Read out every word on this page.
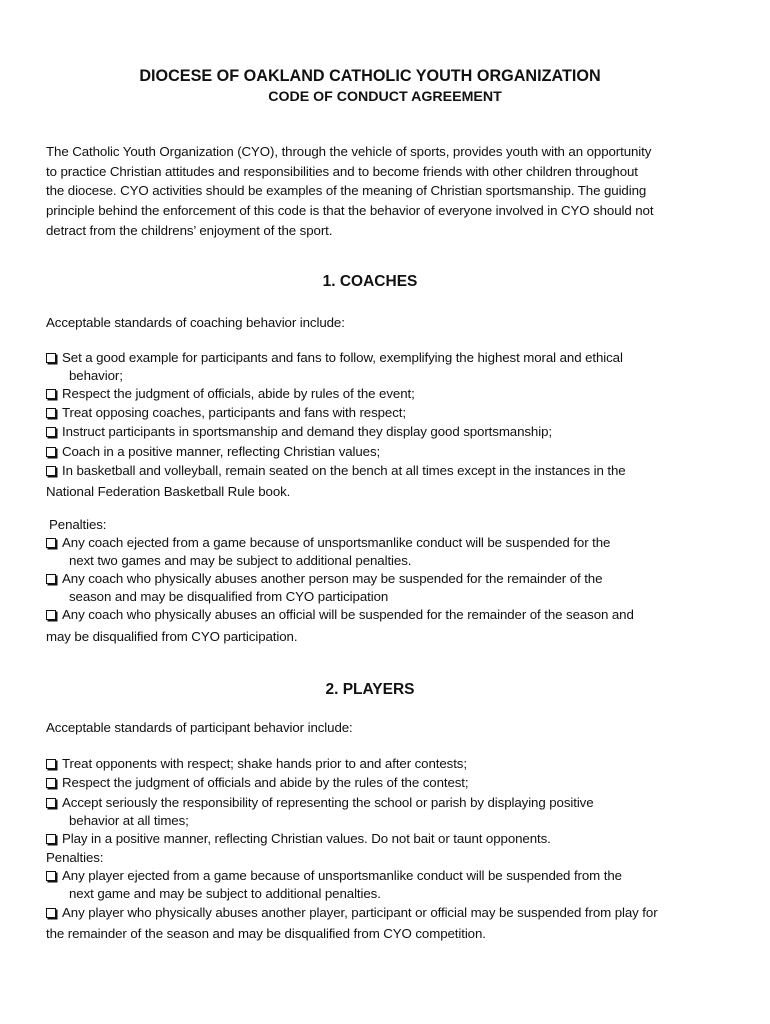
DIOCESE OF OAKLAND CATHOLIC YOUTH ORGANIZATION
CODE OF CONDUCT AGREEMENT
The Catholic Youth Organization (CYO), through the vehicle of sports, provides youth with an opportunity
to practice Christian attitudes and responsibilities and to become friends with other children throughout
the diocese. CYO activities should be examples of the meaning of Christian sportsmanship. The guiding
principle behind the enforcement of this code is that the behavior of everyone involved in CYO should not
detract from the childrens’ enjoyment of the sport.
1. COACHES
Acceptable standards of coaching behavior include:
Set a good example for participants and fans to follow, exemplifying the highest moral and ethical
behavior;
Respect the judgment of officials, abide by rules of the event;
Treat opposing coaches, participants and fans with respect;
Instruct participants in sportsmanship and demand they display good sportsmanship;
Coach in a positive manner, reflecting Christian values;
In basketball and volleyball, remain seated on the bench at all times except in the instances in the
National Federation Basketball Rule book.
Penalties:
Any coach ejected from a game because of unsportsmanlike conduct will be suspended for the
next two games and may be subject to additional penalties.
Any coach who physically abuses another person may be suspended for the remainder of the
season and may be disqualified from CYO participation
Any coach who physically abuses an official will be suspended for the remainder of the season and
may be disqualified from CYO participation.
2. PLAYERS
Acceptable standards of participant behavior include:
Treat opponents with respect; shake hands prior to and after contests;
Respect the judgment of officials and abide by the rules of the contest;
Accept seriously the responsibility of representing the school or parish by displaying positive
behavior at all times;
Play in a positive manner, reflecting Christian values. Do not bait or taunt opponents.
Penalties:
Any player ejected from a game because of unsportsmanlike conduct will be suspended from the
next game and may be subject to additional penalties.
Any player who physically abuses another player, participant or official may be suspended from play for
the remainder of the season and may be disqualified from CYO competition.
